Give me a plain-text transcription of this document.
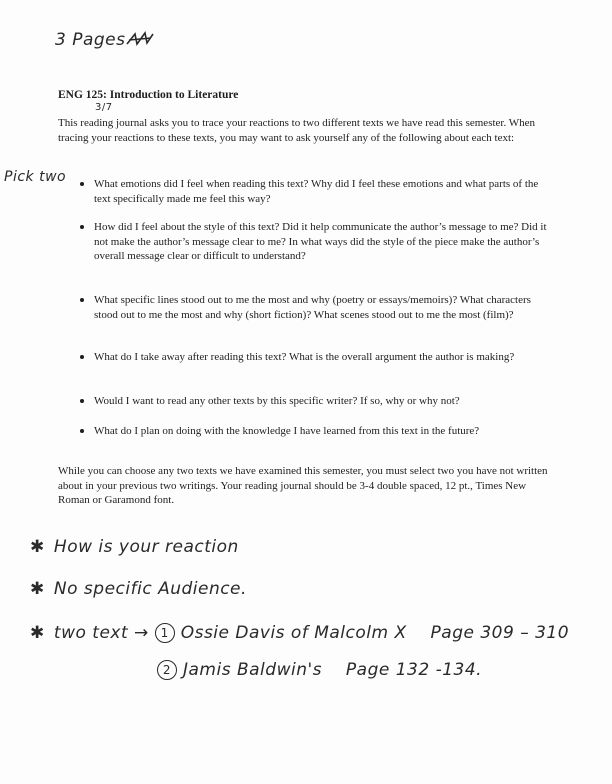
3 Pages
ENG 125: Introduction to Literature
3/7
This reading journal asks you to trace your reactions to two different texts we have read this semester. When tracing your reactions to these texts, you may want to ask yourself any of the following about each text:
Pick two	What emotions did I feel when reading this text? Why did I feel these emotions and what parts of the text specifically made me feel this way?
How did I feel about the style of this text? Did it help communicate the author’s message to me? Did it not make the author’s message clear to me? In what ways did the style of the piece make the author’s overall message clear or difficult to understand?
What specific lines stood out to me the most and why (poetry or essays/memoirs)? What characters stood out to me the most and why (short fiction)? What scenes stood out to me the most (film)?
What do I take away after reading this text? What is the overall argument the author is making?
Would I want to read any other texts by this specific writer? If so, why or why not?
What do I plan on doing with the knowledge I have learned from this text in the future?
While you can choose any two texts we have examined this semester, you must select two you have not written about in your previous two writings. Your reading journal should be 3-4 double spaced, 12 pt., Times New Roman or Garamond font.
✱ How is your reaction
✱ No specific Audience.
✱ two text → 1 Ossie Davis of Malcolm X Page 309 – 310
2 Jamis Baldwin's Page 132 -134.
